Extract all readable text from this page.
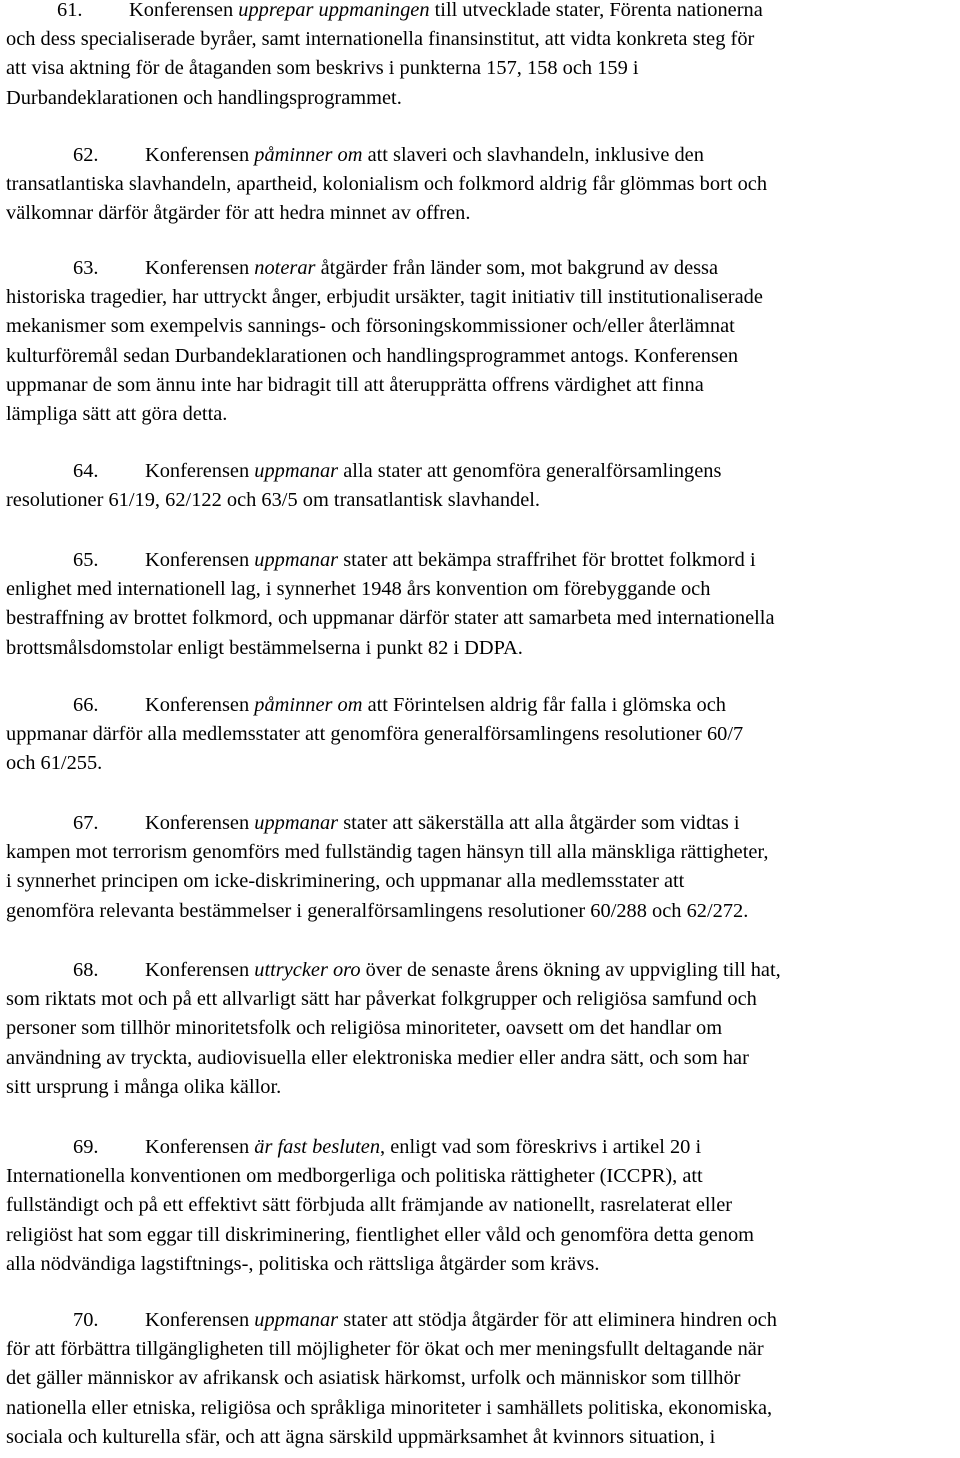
61. Konferensen upprepar uppmaningen till utvecklade stater, Förenta nationerna
och dess specialiserade byråer, samt internationella finansinstitut, att vidta konkreta steg för
att visa aktning för de åtaganden som beskrivs i punkterna 157, 158 och 159 i
Durbandeklarationen och handlingsprogrammet.
62. Konferensen påminner om att slaveri och slavhandeln, inklusive den
transatlantiska slavhandeln, apartheid, kolonialism och folkmord aldrig får glömmas bort och
välkomnar därför åtgärder för att hedra minnet av offren.
63. Konferensen noterar åtgärder från länder som, mot bakgrund av dessa
historiska tragedier, har uttryckt ånger, erbjudit ursäkter, tagit initiativ till institutionaliserade
mekanismer som exempelvis sannings- och försoningskommissioner och/eller återlämnat
kulturföremål sedan Durbandeklarationen och handlingsprogrammet antogs. Konferensen
uppmanar de som ännu inte har bidragit till att återupprätta offrens värdighet att finna
lämpliga sätt att göra detta.
64. Konferensen uppmanar alla stater att genomföra generalförsamlingens
resolutioner 61/19, 62/122 och 63/5 om transatlantisk slavhandel.
65. Konferensen uppmanar stater att bekämpa straffrihet för brottet folkmord i
enlighet med internationell lag, i synnerhet 1948 års konvention om förebyggande och
bestraffning av brottet folkmord, och uppmanar därför stater att samarbeta med internationella
brottsmålsdomstolar enligt bestämmelserna i punkt 82 i DDPA.
66. Konferensen påminner om att Förintelsen aldrig får falla i glömska och
uppmanar därför alla medlemsstater att genomföra generalförsamlingens resolutioner 60/7
och 61/255.
67. Konferensen uppmanar stater att säkerställa att alla åtgärder som vidtas i
kampen mot terrorism genomförs med fullständig tagen hänsyn till alla mänskliga rättigheter,
i synnerhet principen om icke-diskriminering, och uppmanar alla medlemsstater att
genomföra relevanta bestämmelser i generalförsamlingens resolutioner 60/288 och 62/272.
68. Konferensen uttrycker oro över de senaste årens ökning av uppvigling till hat,
som riktats mot och på ett allvarligt sätt har påverkat folkgrupper och religiösa samfund och
personer som tillhör minoritetsfolk och religiösa minoriteter, oavsett om det handlar om
användning av tryckta, audiovisuella eller elektroniska medier eller andra sätt, och som har
sitt ursprung i många olika källor.
69. Konferensen är fast besluten, enligt vad som föreskrivs i artikel 20 i
Internationella konventionen om medborgerliga och politiska rättigheter (ICCPR), att
fullständigt och på ett effektivt sätt förbjuda allt främjande av nationellt, rasrelaterat eller
religiöst hat som eggar till diskriminering, fientlighet eller våld och genomföra detta genom
alla nödvändiga lagstiftnings-, politiska och rättsliga åtgärder som krävs.
70. Konferensen uppmanar stater att stödja åtgärder för att eliminera hindren och
för att förbättra tillgängligheten till möjligheter för ökat och mer meningsfullt deltagande när
det gäller människor av afrikansk och asiatisk härkomst, urfolk och människor som tillhör
nationella eller etniska, religiösa och språkliga minoriteter i samhällets politiska, ekonomiska,
sociala och kulturella sfär, och att ägna särskild uppmärksamhet åt kvinnors situation, i
